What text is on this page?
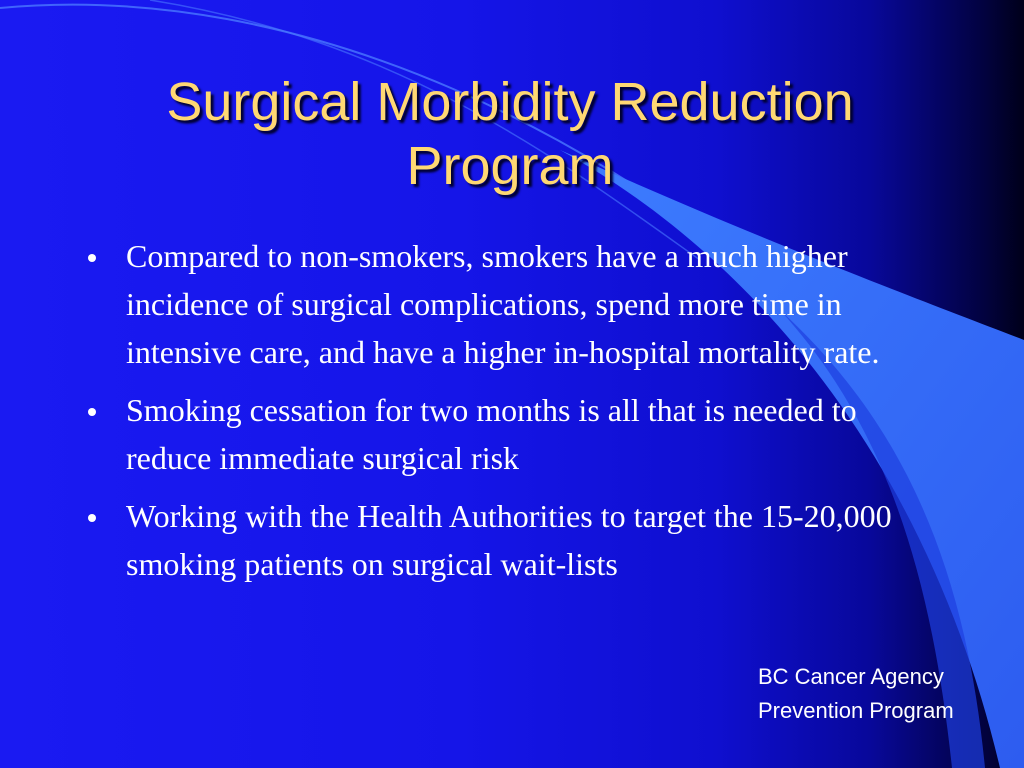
Surgical Morbidity Reduction Program
Compared to non-smokers, smokers have a much higher incidence of surgical complications, spend more time in intensive care, and have a higher in-hospital mortality rate.
Smoking cessation for two months is all that is needed to reduce immediate surgical risk
Working with the Health Authorities to target the 15-20,000 smoking patients on surgical wait-lists
BC Cancer Agency
Prevention Program
